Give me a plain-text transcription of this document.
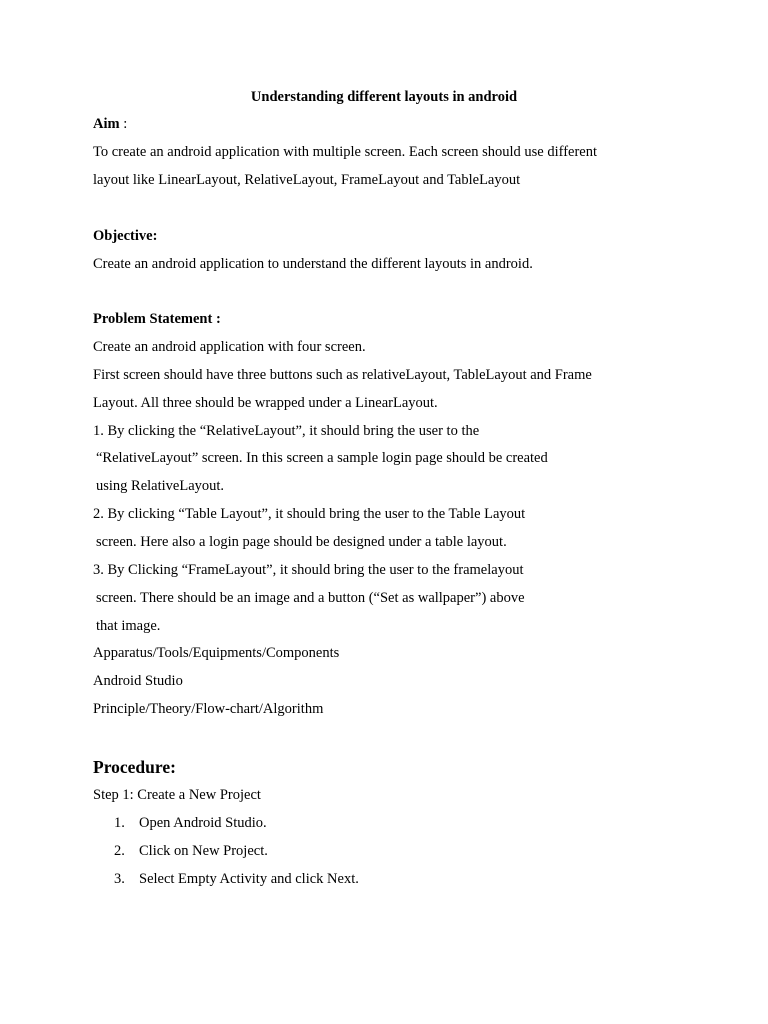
Understanding different layouts in android
Aim :
To create an android application with multiple screen. Each screen should use different
layout like LinearLayout, RelativeLayout, FrameLayout and TableLayout
Objective:
Create an android application to understand the different layouts in android.
Problem Statement :
Create an android application with four screen.
First screen should have three buttons such as relativeLayout, TableLayout and Frame
Layout. All three should be wrapped under a LinearLayout.
1. By clicking the “RelativeLayout”, it should bring the user to the
“RelativeLayout” screen. In this screen a sample login page should be created
using RelativeLayout.
2. By clicking “Table Layout”, it should bring the user to the Table Layout
screen. Here also a login page should be designed under a table layout.
3. By Clicking “FrameLayout”, it should bring the user to the framelayout
screen. There should be an image and a button (“Set as wallpaper”) above
that image.
Apparatus/Tools/Equipments/Components
Android Studio
Principle/Theory/Flow-chart/Algorithm
Procedure:
Step 1: Create a New Project
1. Open Android Studio.
2. Click on New Project.
3. Select Empty Activity and click Next.
